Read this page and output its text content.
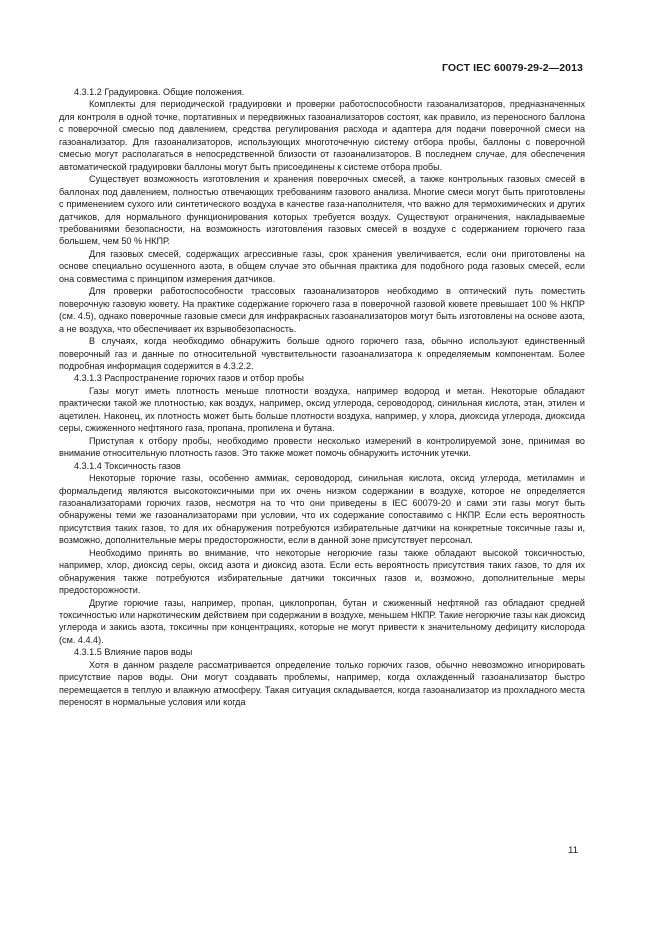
ГОСТ IEC 60079-29-2—2013

4.3.1.2 Градуировка. Общие положения.

Комплекты для периодической градуировки и проверки работоспособности газоанализаторов, предназначенных для контроля в одной точке, портативных и передвижных газоанализаторов состоят, как правило, из переносного баллона с поверочной смесью под давлением, средства регулирования расхода и адаптера для подачи поверочной смеси на газоанализатор. Для газоанализаторов, использующих многоточечную систему отбора пробы, баллоны с поверочной смесью могут располагаться в непосредственной близости от газоанализаторов. В последнем случае, для обеспечения автоматической градуировки баллоны могут быть присоединены к системе отбора пробы.

Существует возможность изготовления и хранения поверочных смесей, а также контрольных газовых смесей в баллонах под давлением, полностью отвечающих требованиям газового анализа. Многие смеси могут быть приготовлены с применением сухого или синтетического воздуха в качестве газа-наполнителя, что важно для термохимических и других датчиков, для нормального функционирования которых требуется воздух. Существуют ограничения, накладываемые требованиями безопасности, на возможность изготовления газовых смесей в воздухе с содержанием горючего газа большем, чем 50 % НКПР.

Для газовых смесей, содержащих агрессивные газы, срок хранения увеличивается, если они приготовлены на основе специально осушенного азота, в общем случае это обычная практика для подобного рода газовых смесей, если она совместима с принципом измерения датчиков.

Для проверки работоспособности трассовых газоанализаторов необходимо в оптический путь поместить поверочную газовую кювету. На практике содержание горючего газа в поверочной газовой кювете превышает 100 % НКПР (см. 4.5), однако поверочные газовые смеси для инфракрасных газоанализаторов могут быть изготовлены на основе азота, а не воздуха, что обеспечивает их взрывобезопасность.

В случаях, когда необходимо обнаружить больше одного горючего газа, обычно используют единственный поверочный газ и данные по относительной чувствительности газоанализатора к определяемым компонентам. Более подробная информация содержится в 4.3.2.2.

4.3.1.3 Распространение горючих газов и отбор пробы

Газы могут иметь плотность меньше плотности воздуха, например водород и метан. Некоторые обладают практически такой же плотностью, как воздух, например, оксид углерода, сероводород, синильная кислота, этан, этилен и ацетилен. Наконец, их плотность может быть больше плотности воздуха, например, у хлора, диоксида углерода, диоксида серы, сжиженного нефтяного газа, пропана, пропилена и бутана.

Приступая к отбору пробы, необходимо провести несколько измерений в контролируемой зоне, принимая во внимание относительную плотность газов. Это также может помочь обнаружить источник утечки.

4.3.1.4 Токсичность газов

Некоторые горючие газы, особенно аммиак, сероводород, синильная кислота, оксид углерода, метиламин и формальдегид являются высокотоксичными при их очень низком содержании в воздухе, которое не определяется газоанализаторами горючих газов, несмотря на то что они приведены в IEC 60079-20 и сами эти газы могут быть обнаружены теми же газоанализаторами при условии, что их содержание сопоставимо с НКПР. Если есть вероятность присутствия таких газов, то для их обнаружения потребуются избирательные датчики на конкретные токсичные газы и, возможно, дополнительные меры предосторожности, если в данной зоне присутствует персонал.

Необходимо принять во внимание, что некоторые негорючие газы также обладают высокой токсичностью, например, хлор, диоксид серы, оксид азота и диоксид азота. Если есть вероятность присутствия таких газов, то для их обнаружения также потребуются избирательные датчики токсичных газов и, возможно, дополнительные меры предосторожности.

Другие горючие газы, например, пропан, циклопропан, бутан и сжиженный нефтяной газ обладают средней токсичностью или наркотическим действием при содержании в воздухе, меньшем НКПР. Такие негорючие газы как диоксид углерода и закись азота, токсичны при концентрациях, которые не могут привести к значительному дефициту кислорода (см. 4.4.4).

4.3.1.5 Влияние паров воды

Хотя в данном разделе рассматривается определение только горючих газов, обычно невозможно игнорировать присутствие паров воды. Они могут создавать проблемы, например, когда охлажденный газоанализатор быстро перемещается в теплую и влажную атмосферу. Такая ситуация складывается, когда газоанализатор из прохладного места переносят в нормальные условия или когда

11
